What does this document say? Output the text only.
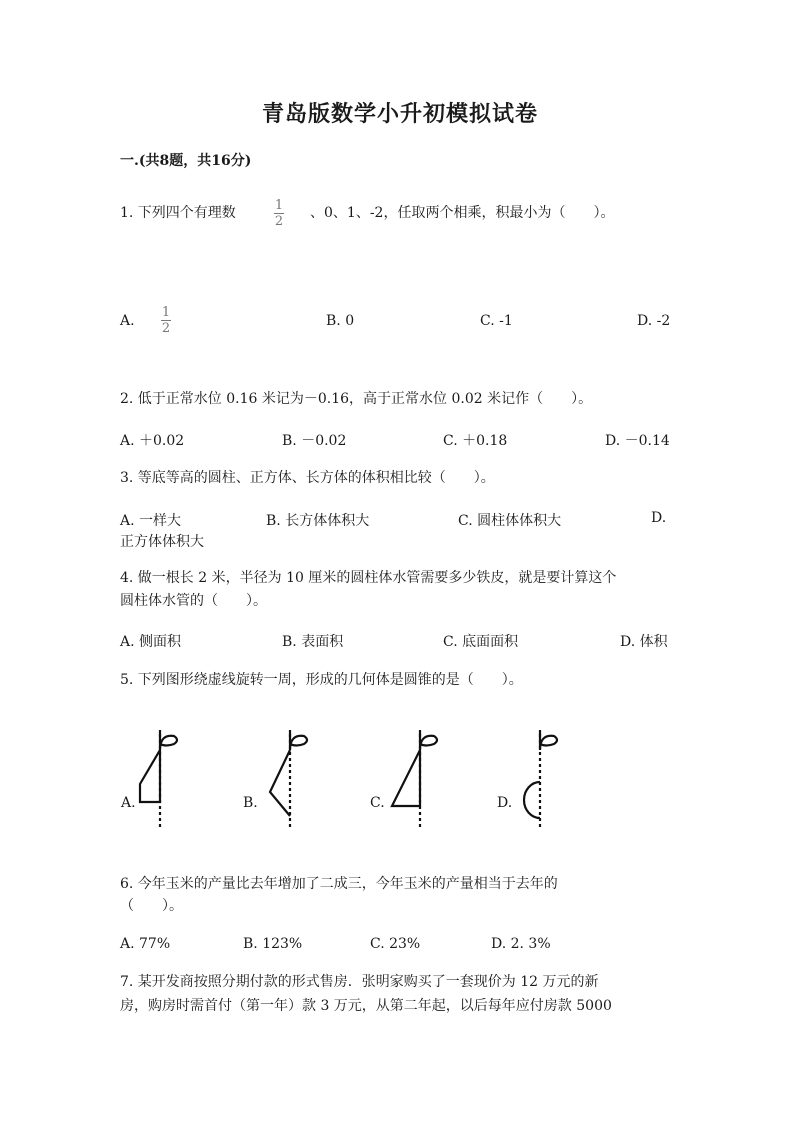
青岛版数学小升初模拟试卷
一.(共8题，共16分)
1. 下列四个有理数	1
2
、0、1、-2，任取两个相乘，积最小为（　　）。
A.
1
2	B. 0	C. -1	D. -2
2. 低于正常水位 0.16 米记为－0.16，高于正常水位 0.02 米记作（　　）。
A. ＋0.02	B. －0.02	C. ＋0.18	D. －0.14
3. 等底等高的圆柱、正方体、长方体的体积相比较（　　）。
A. 一样大	B. 长方体体积大	C. 圆柱体体积大	D.
正方体体积大
4. 做一根长 2 米，半径为 10 厘米的圆柱体水管需要多少铁皮，就是要计算这个
圆柱体水管的（　　）。
A. 侧面积	B. 表面积	C. 底面面积	D. 体积
5. 下列图形绕虚线旋转一周，形成的几何体是圆锥的是（　　）。
A.	B.	C.	D.
6. 今年玉米的产量比去年增加了二成三，今年玉米的产量相当于去年的
（　　）。
A. 77%	B. 123%	C. 23%	D. 2. 3%
7. 某开发商按照分期付款的形式售房．张明家购买了一套现价为 12 万元的新
房，购房时需首付（第一年）款 3 万元，从第二年起，以后每年应付房款 5000
